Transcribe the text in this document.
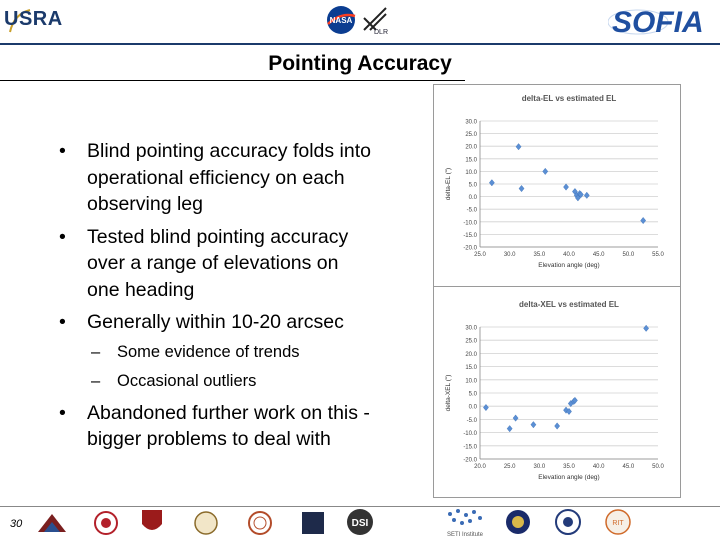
USRA	NASA
DLR	SOFIA
Pointing Accuracy
• Blind pointing accuracy folds into
operational efficiency on each
observing leg
• Tested blind pointing accuracy
over a range of elevations on
one heading
• Generally within 10-20 arcsec
– Some evidence of trends
– Occasional outliers
• Abandoned further work on this -
bigger problems to deal with
delta-EL vs estimated EL
30.0
25.0
20.0
15.0
10.0
5.0
0.0
-5.0
-10.0
-15.0
-20.0
25.0	30.0	35.0	40.0	45.0	50.0	55.0
Elevation angle (deg)
delta-EL (")
delta-XEL vs estimated EL
30.0
25.0
20.0
15.0
10.0
5.0
0.0
-5.0
-10.0
-15.0
-20.0
20.0	25.0	30.0	35.0	40.0	45.0	50.0
Elevation angle (deg)
delta-XEL (")
30	DSI
SETI Institute
RIT
